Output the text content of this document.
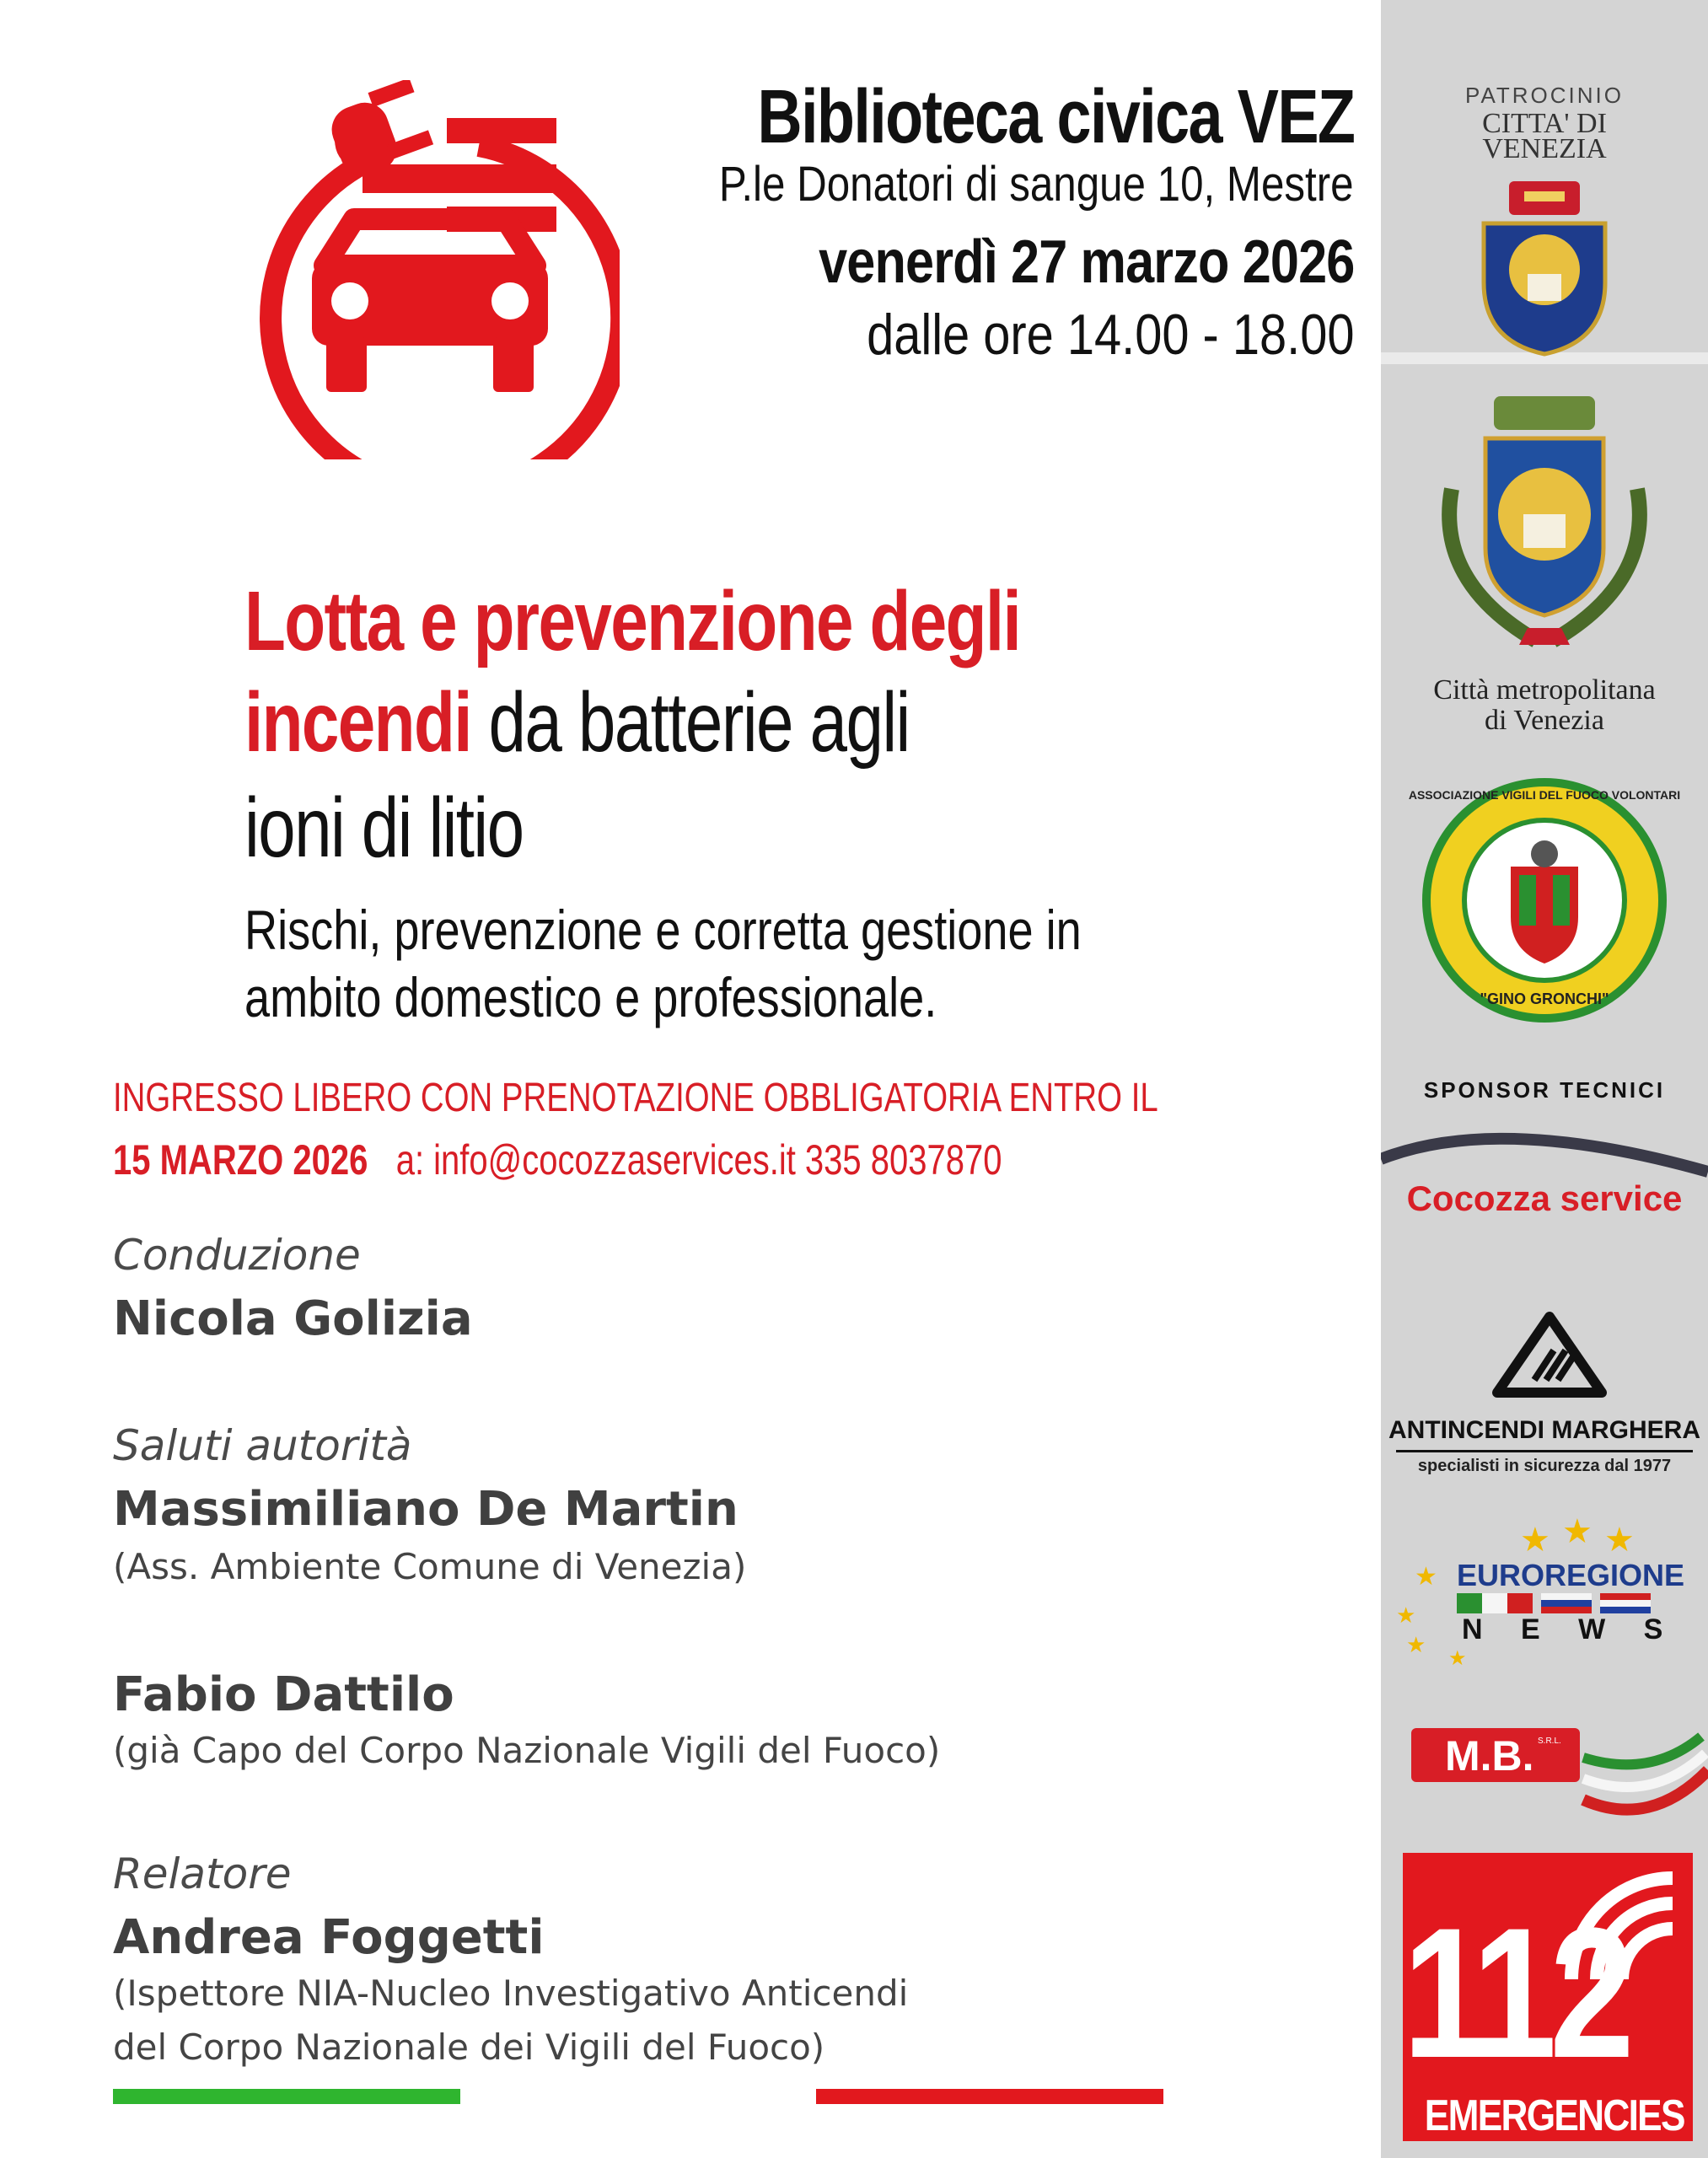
Biblioteca civica VEZ
P.le Donatori di sangue 10, Mestre
venerdì 27 marzo 2026
dalle ore 14.00 - 18.00
Lotta e prevenzione degli
incendi da batterie agli
ioni di litio
Rischi, prevenzione e corretta gestione in
ambito domestico e professionale.
INGRESSO LIBERO CON PRENOTAZIONE OBBLIGATORIA ENTRO IL
15 MARZO 2026 a: info@cocozzaservices.it 335 8037870
Conduzione
Nicola Golizia
Saluti autorità
Massimiliano De Martin
(Ass. Ambiente Comune di Venezia)
Fabio Dattilo
(già Capo del Corpo Nazionale Vigili del Fuoco)
Relatore
Andrea Foggetti
(Ispettore NIA-Nucleo Investigativo Anticendi
del Corpo Nazionale dei Vigili del Fuoco)
PATROCINIO
CITTA' DI
VENEZIA
Città metropolitana
di Venezia
ASSOCIAZIONE VIGILI DEL FUOCO VOLONTARI
"GINO GRONCHI"
SPONSOR TECNICI
Cocozza service
ANTINCENDI MARGHERA
specialisti in sicurezza dal 1977
★ ★ ★
★
★
★ ★
EUROREGIONE
N E W S
M.B. S.R.L.
112
EMERGENCIES
